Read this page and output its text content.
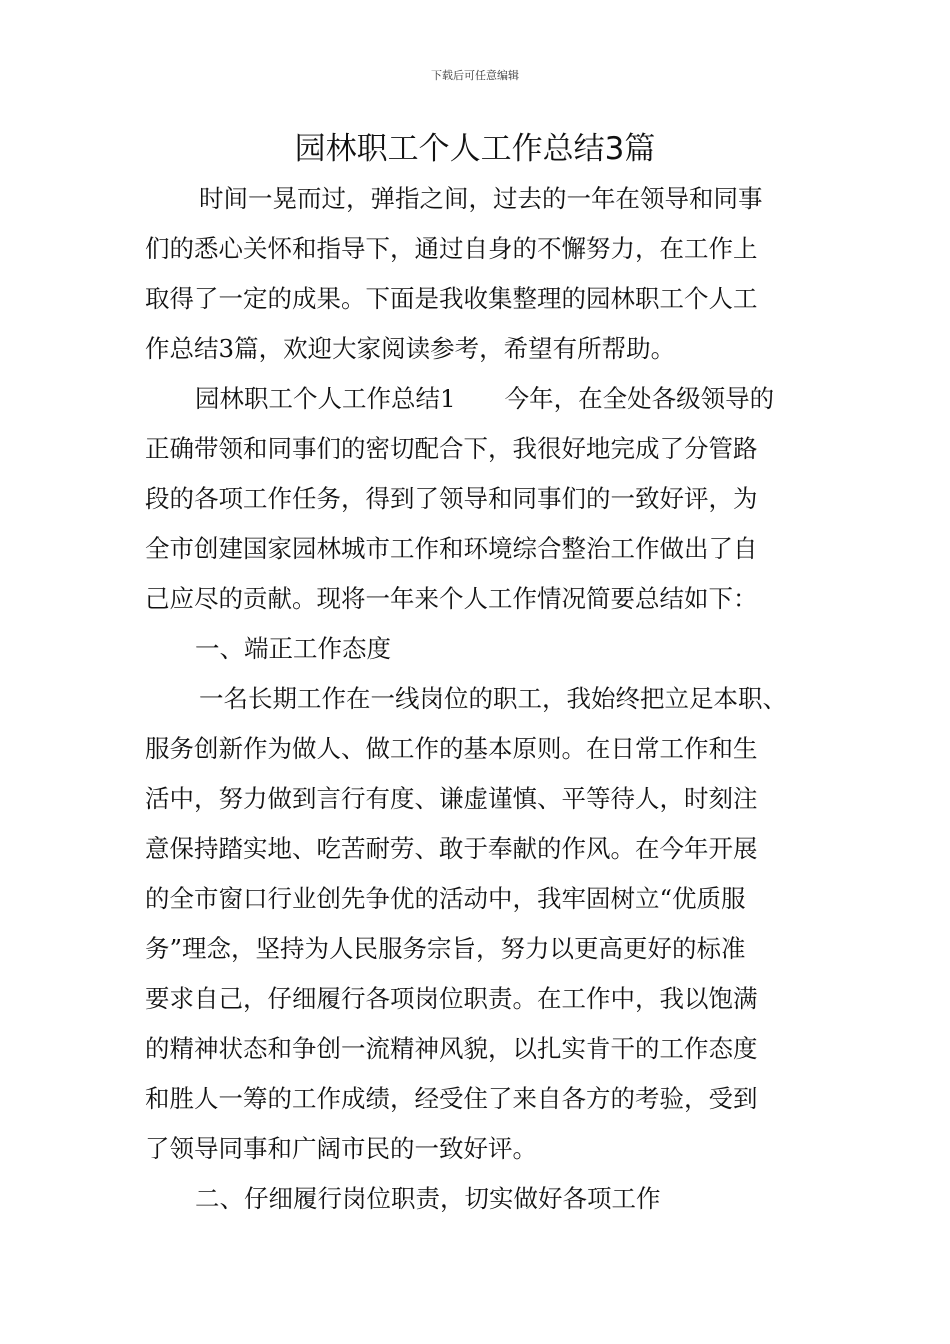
下载后可任意编辑
园林职工个人工作总结3篇
时间一晃而过，弹指之间，过去的一年在领导和同事
们的悉心关怀和指导下，通过自身的不懈努力，在工作上
取得了一定的成果。下面是我收集整理的园林职工个人工
作总结3篇，欢迎大家阅读参考，希望有所帮助。
园林职工个人工作总结1　　今年，在全处各级领导的
正确带领和同事们的密切配合下，我很好地完成了分管路
段的各项工作任务，得到了领导和同事们的一致好评，为
全市创建国家园林城市工作和环境综合整治工作做出了自
己应尽的贡献。现将一年来个人工作情况简要总结如下：
一、端正工作态度
一名长期工作在一线岗位的职工，我始终把立足本职、
服务创新作为做人、做工作的基本原则。在日常工作和生
活中，努力做到言行有度、谦虚谨慎、平等待人，时刻注
意保持踏实地、吃苦耐劳、敢于奉献的作风。在今年开展
的全市窗口行业创先争优的活动中，我牢固树立“优质服
务”理念，坚持为人民服务宗旨，努力以更高更好的标准
要求自己，仔细履行各项岗位职责。在工作中，我以饱满
的精神状态和争创一流精神风貌，以扎实肯干的工作态度
和胜人一筹的工作成绩，经受住了来自各方的考验，受到
了领导同事和广阔市民的一致好评。
二、仔细履行岗位职责，切实做好各项工作
